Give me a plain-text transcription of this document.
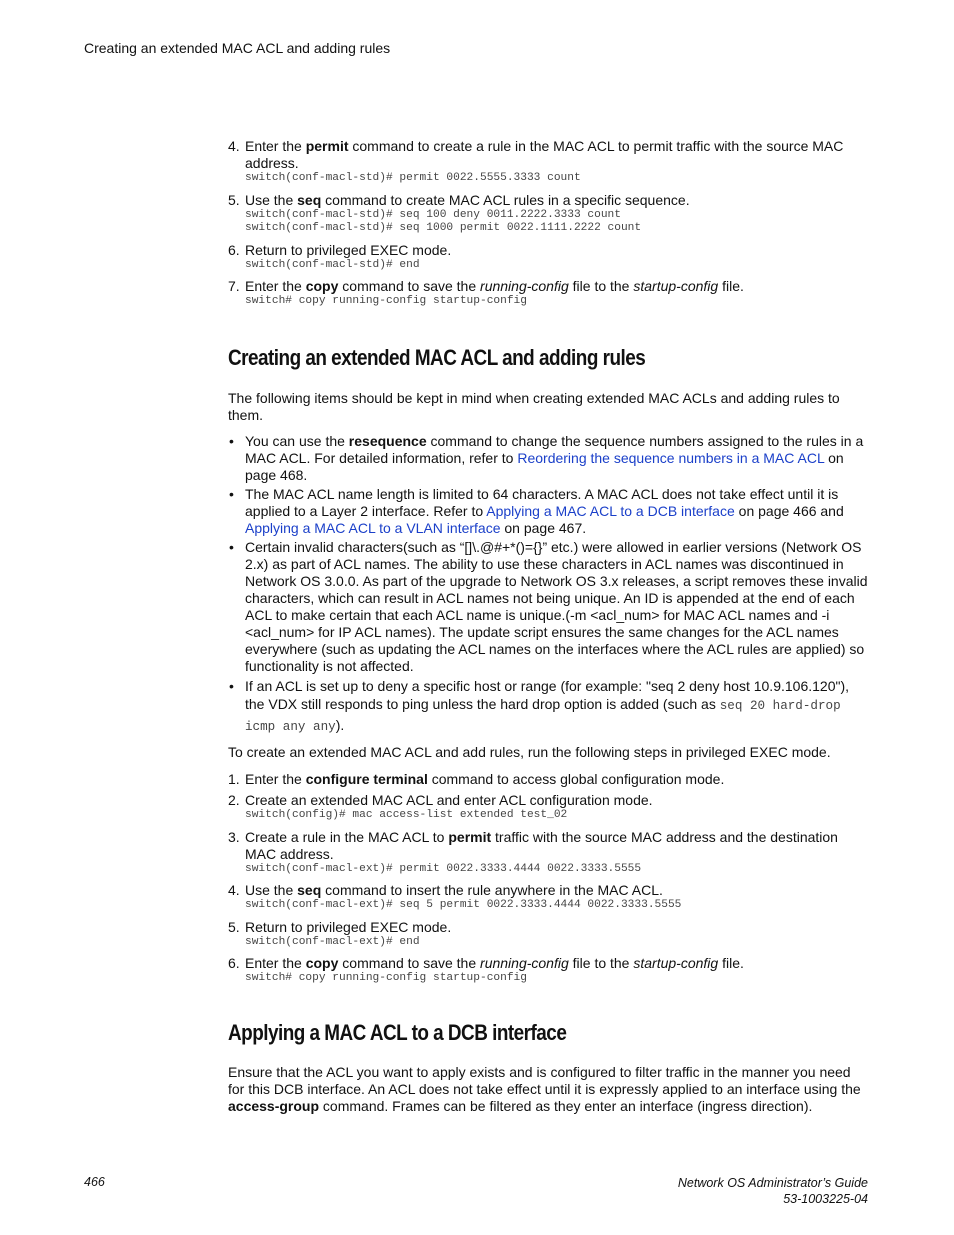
Creating an extended MAC ACL and adding rules

4. Enter the permit command to create a rule in the MAC ACL to permit traffic with the source MAC address.

switch(conf-macl-std)# permit 0022.5555.3333 count

5. Use the seq command to create MAC ACL rules in a specific sequence.

switch(conf-macl-std)# seq 100 deny 0011.2222.3333 count
switch(conf-macl-std)# seq 1000 permit 0022.1111.2222 count

6. Return to privileged EXEC mode.

switch(conf-macl-std)# end

7. Enter the copy command to save the running-config file to the startup-config file.

switch# copy running-config startup-config
Creating an extended MAC ACL and adding rules

The following items should be kept in mind when creating extended MAC ACLs and adding rules to them.

• You can use the resequence command to change the sequence numbers assigned to the rules in a MAC ACL. For detailed information, refer to Reordering the sequence numbers in a MAC ACL on page 468.

• The MAC ACL name length is limited to 64 characters. A MAC ACL does not take effect until it is applied to a Layer 2 interface. Refer to Applying a MAC ACL to a DCB interface on page 466 and Applying a MAC ACL to a VLAN interface on page 467.

• Certain invalid characters(such as “[]\.@#+*()={}” etc.) were allowed in earlier versions (Network OS 2.x) as part of ACL names. The ability to use these characters in ACL names was discontinued in Network OS 3.0.0. As part of the upgrade to Network OS 3.x releases, a script removes these invalid characters, which can result in ACL names not being unique. An ID is appended at the end of each ACL to make certain that each ACL name is unique.(-m <acl_num> for MAC ACL names and -i <acl_num> for IP ACL names). The update script ensures the same changes for the ACL names everywhere (such as updating the ACL names on the interfaces where the ACL rules are applied) so functionality is not affected.

• If an ACL is set up to deny a specific host or range (for example: "seq 2 deny host 10.9.106.120"), the VDX still responds to ping unless the hard drop option is added (such as seq 20 hard-drop icmp any any).

To create an extended MAC ACL and add rules, run the following steps in privileged EXEC mode.

1. Enter the configure terminal command to access global configuration mode.

2. Create an extended MAC ACL and enter ACL configuration mode.

switch(config)# mac access-list extended test_02

3. Create a rule in the MAC ACL to permit traffic with the source MAC address and the destination MAC address.

switch(conf-macl-ext)# permit 0022.3333.4444 0022.3333.5555

4. Use the seq command to insert the rule anywhere in the MAC ACL.

switch(conf-macl-ext)# seq 5 permit 0022.3333.4444 0022.3333.5555

5. Return to privileged EXEC mode.

switch(conf-macl-ext)# end

6. Enter the copy command to save the running-config file to the startup-config file.

switch# copy running-config startup-config
Applying a MAC ACL to a DCB interface

Ensure that the ACL you want to apply exists and is configured to filter traffic in the manner you need for this DCB interface. An ACL does not take effect until it is expressly applied to an interface using the access-group command. Frames can be filtered as they enter an interface (ingress direction).

466	Network OS Administrator’s Guide
53-1003225-04
